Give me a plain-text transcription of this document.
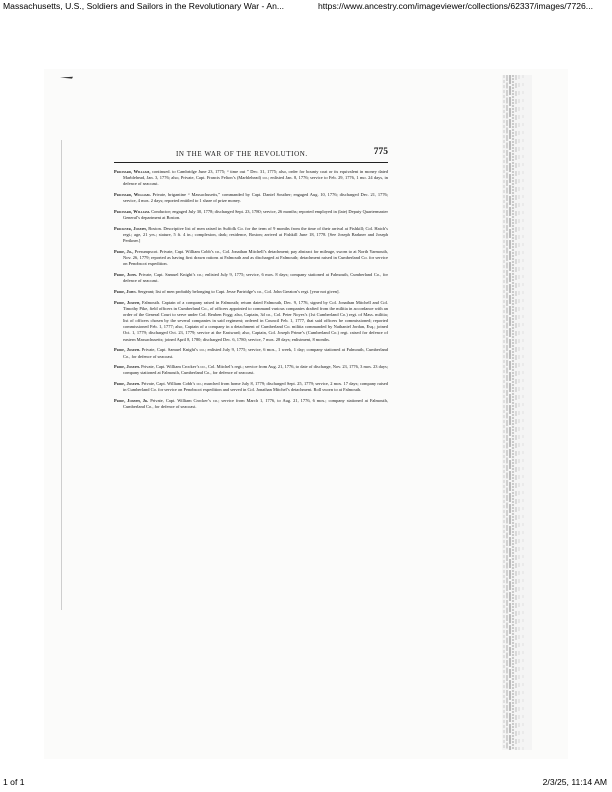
Massachusetts, U.S., Soldiers and Sailors in the Revolutionary War - An...	https://www.ancestry.com/imageviewer/collections/62337/images/7726...
IN THE WAR OF THE REVOLUTION.	775
Prichard, William, continued. to Cambridge June 23, 1775; “ time out ” Dec. 31, 1775; also, order for bounty coat or its equivalent in money dated Marblehead, Jan. 3, 1776; also, Private, Capt. Francis Felton’s (Marblehead) co.; enlisted Jan. 8, 1776; service to Feb. 29, 1776, 1 mo. 24 days, in defence of seacoast.
Prichard, William. Private, brigantine “ Massachusetts,” commanded by Capt. Daniel Souther; engaged Aug. 10, 1776; discharged Dec. 21, 1776; service, 4 mos. 2 days; reported entitled to 1 share of prize money.
Prichard, William. Conductor; engaged July 30, 1778; discharged Sept. 23, 1780; service, 26 months; reported employed in (late) Deputy Quartermaster General’s department at Boston.
Prickner, Joseph, Boston. Descriptive list of men raised in Suffolk Co. for the term of 9 months from the time of their arrival at Fishkill; Col. Hatch’s regt.; age, 21 yrs.; stature, 5 ft. 4 in.; complexion, dark; residence, Boston; arrived at Fishkill June 18, 1778. [See Joseph Barkner and Joseph Perikner.]
Pride, Jo., Presumpscot. Private, Capt. William Cobb’s co., Col. Jonathan Mitchell’s detachment; pay abstract for mileage, sworn to at North Yarmouth, Nov. 26, 1779; reported as having first drawn rations at Falmouth and as discharged at Falmouth; detachment raised in Cumberland Co. for service on Penobscot expedition.
Pride, John. Private, Capt. Samuel Knight’s co.; enlisted July 9, 1775; service, 6 mos. 8 days; company stationed at Falmouth, Cumberland Co., for defence of seacoast.
Pride, John. Sergeant; list of men probably belonging to Capt. Jesse Partridge’s co., Col. John Greaton’s regt. [year not given].
Pride, Joseph, Falmouth. Captain of a company raised in Falmouth; return dated Falmouth, Dec. 9, 1776, signed by Col. Jonathan Mitchell and Col. Timothy Pike, field officers in Cumberland Co., of officers appointed to command various companies drafted from the militia in accordance with an order of the General Court to serve under Col. Reuben Fogg; also, Captain, 3d co., Col. Peter Noyes’s (1st Cumberland Co.) regt. of Mass. militia; list of officers chosen by the several companies in said regiment; ordered in Council Feb. 1, 1777, that said officers be commissioned; reported commissioned Feb. 1, 1777; also, Captain of a company in a detachment of Cumberland Co. militia commanded by Nathaniel Jordan, Esq.; joined Oct. 1, 1779; discharged Oct. 23, 1779; service at the Eastward; also, Captain, Col. Joseph Prime’s (Cumberland Co.) regt. raised for defence of eastern Massachusetts; joined April 8, 1780; discharged Dec. 6, 1780; service, 7 mos. 28 days; enlistment, 8 months.
Pride, Joseph. Private, Capt. Samuel Knight’s co.; enlisted July 9, 1775; service, 6 mos., 1 week, 1 day; company stationed at Falmouth, Cumberland Co., for defence of seacoast.
Pride, Joseph. Private, Capt. William Crocker’s co., Col. Mitchel’s regt.; service from Aug. 21, 1776, to date of discharge, Nov. 23, 1776, 3 mos. 23 days; company stationed at Falmouth, Cumberland Co., for defence of seacoast.
Pride, Joseph. Private, Capt. William Cobb’s co.; marched from home July 8, 1779; discharged Sept. 25, 1779; service, 2 mos. 17 days; company raised in Cumberland Co. for service on Penobscot expedition and served in Col. Jonathan Mitchel’s detachment. Roll sworn to at Falmouth.
Pride, Joseph, Jr. Private, Capt. William Crocker’s co.; service from March 1, 1776, to Aug. 21, 1776, 6 mos.; company stationed at Falmouth, Cumberland Co., for defence of seacoast.
1 of 1	2/3/25, 11:14 AM
